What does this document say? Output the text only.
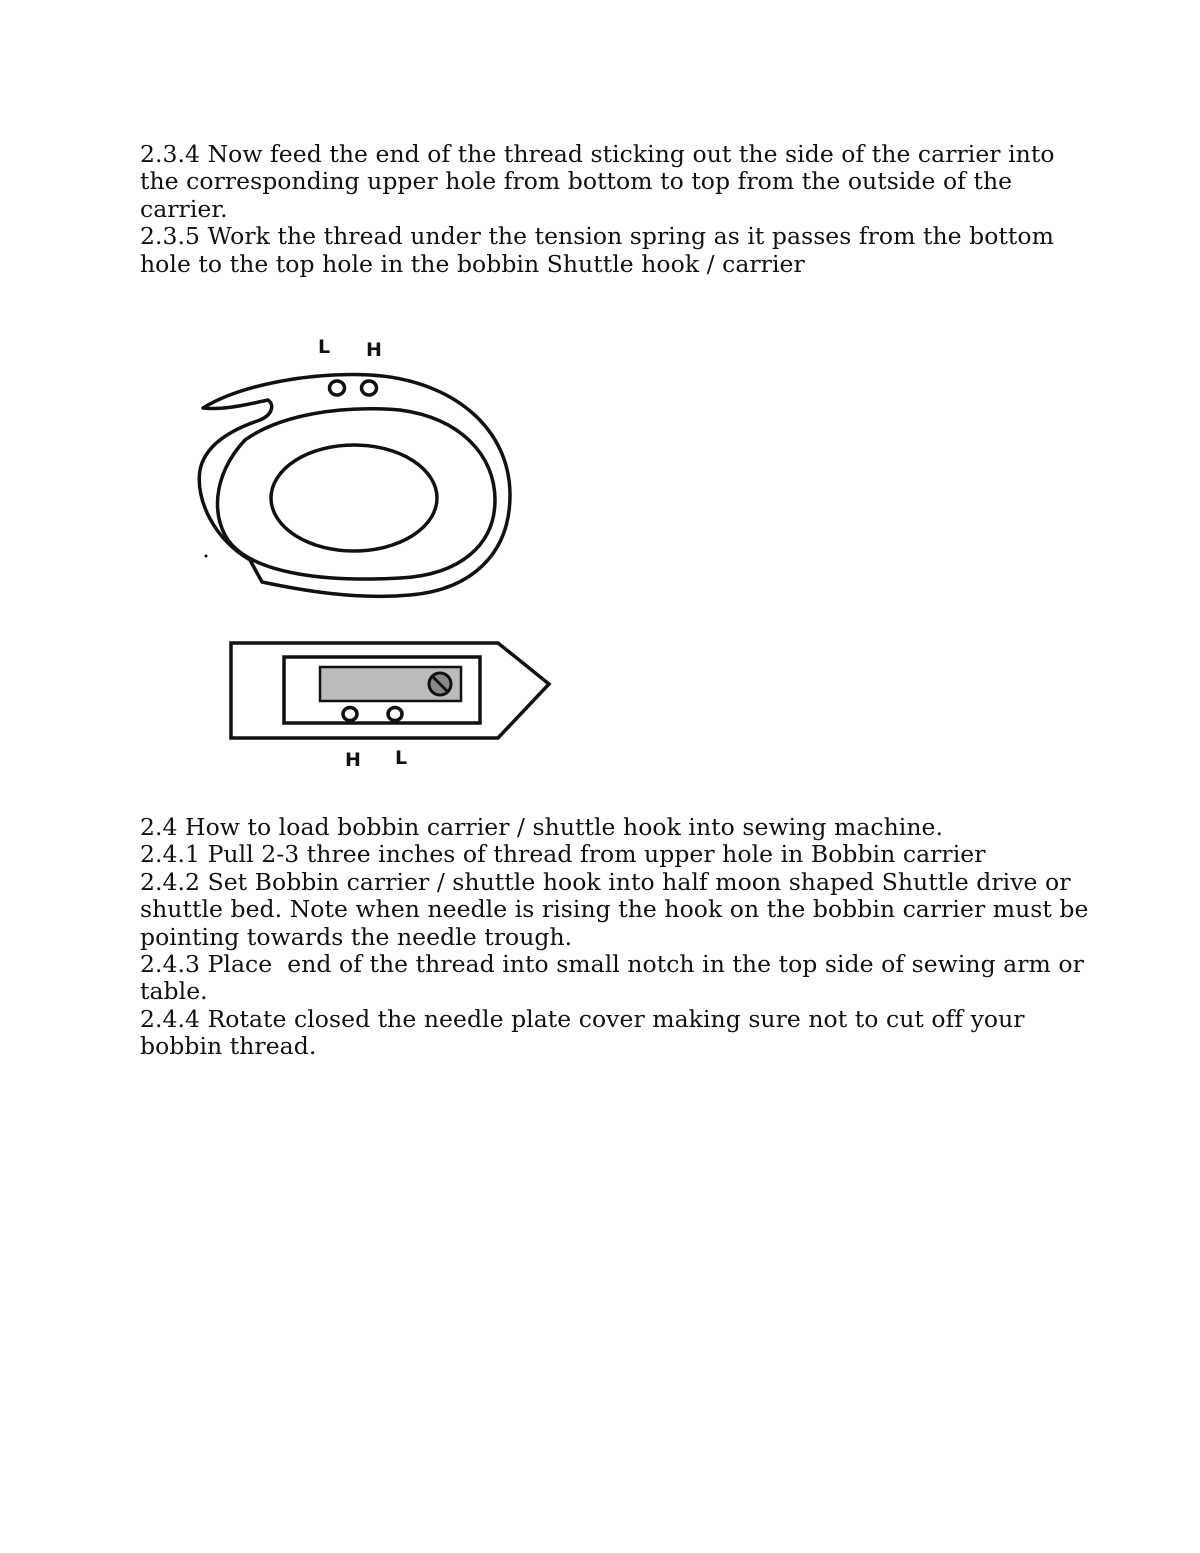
2.3.4 Now feed the end of the thread sticking out the side of the carrier into the corresponding upper hole from bottom to top from the outside of the carrier.

2.3.5 Work the thread under the tension spring as it passes from the bottom hole to the top hole in the bobbin Shuttle hook / carrier

L H
H L

2.4 How to load bobbin carrier / shuttle hook into sewing machine.

2.4.1 Pull 2-3 three inches of thread from upper hole in Bobbin carrier

2.4.2 Set Bobbin carrier / shuttle hook into half moon shaped Shuttle drive or shuttle bed. Note when needle is rising the hook on the bobbin carrier must be pointing towards the needle trough.

2.4.3 Place  end of the thread into small notch in the top side of sewing arm or table.

2.4.4 Rotate closed the needle plate cover making sure not to cut off your bobbin thread.
